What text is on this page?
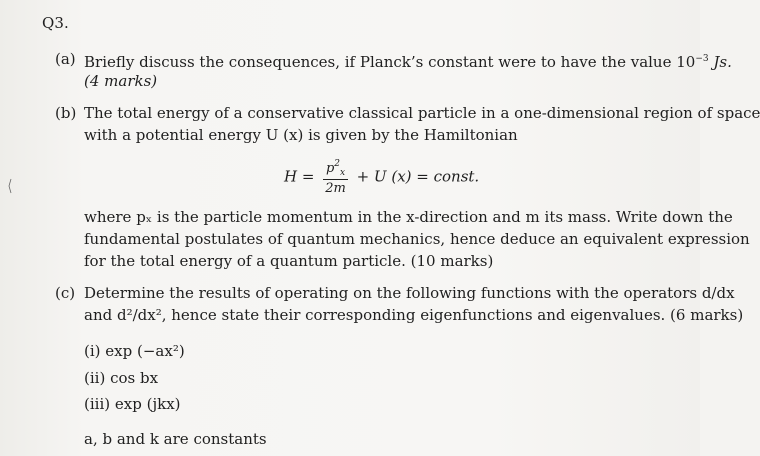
Q3.
(a) Briefly discuss the consequences, if Planck’s constant were to have the value $10^{-3}$ Js.
(4 marks)
(b) The total energy of a conservative classical particle in a one-dimensional region of space
with a potential energy U (x) is given by the Hamiltonian
$H = \frac{p^2_x}{2m} + U$ (x) = const.
where pₓ is the particle momentum in the x-direction and m its mass. Write down the
fundamental postulates of quantum mechanics, hence deduce an equivalent expression
for the total energy of a quantum particle. (10 marks)
(c) Determine the results of operating on the following functions with the operators d/dx
and d²/dx², hence state their corresponding eigenfunctions and eigenvalues. (6 marks)
(i) exp (−ax²)
(ii) cos bx
(iii) exp (jkx)
a, b and k are constants
